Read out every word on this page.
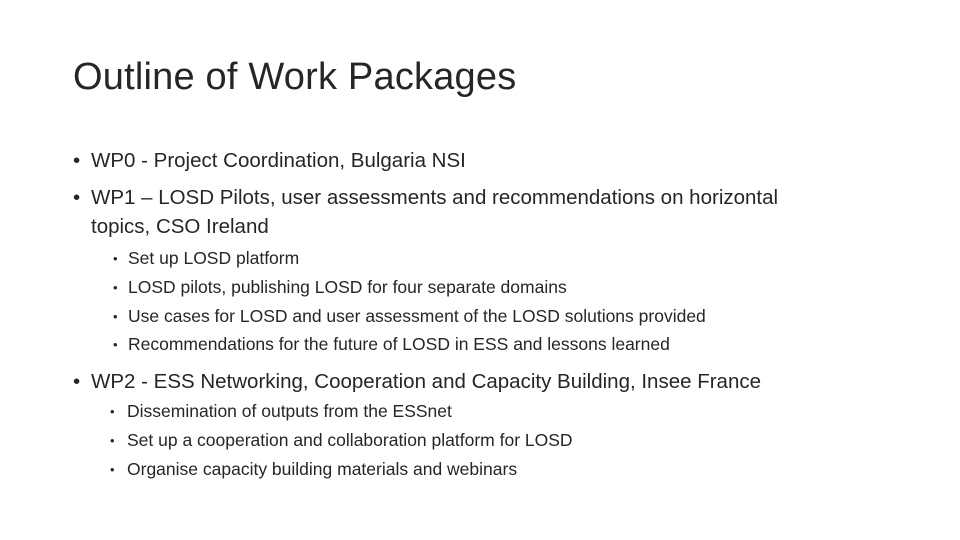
Outline of Work Packages
• WP0 - Project Coordination, Bulgaria NSI
• WP1 – LOSD Pilots, user assessments and recommendations on horizontal
topics, CSO Ireland
• Set up LOSD platform
• LOSD pilots, publishing LOSD for four separate domains
• Use cases for LOSD and user assessment of the LOSD solutions provided
• Recommendations for the future of LOSD in ESS and lessons learned
• WP2 - ESS Networking, Cooperation and Capacity Building, Insee France
• Dissemination of outputs from the ESSnet
• Set up a cooperation and collaboration platform for LOSD
• Organise capacity building materials and webinars
